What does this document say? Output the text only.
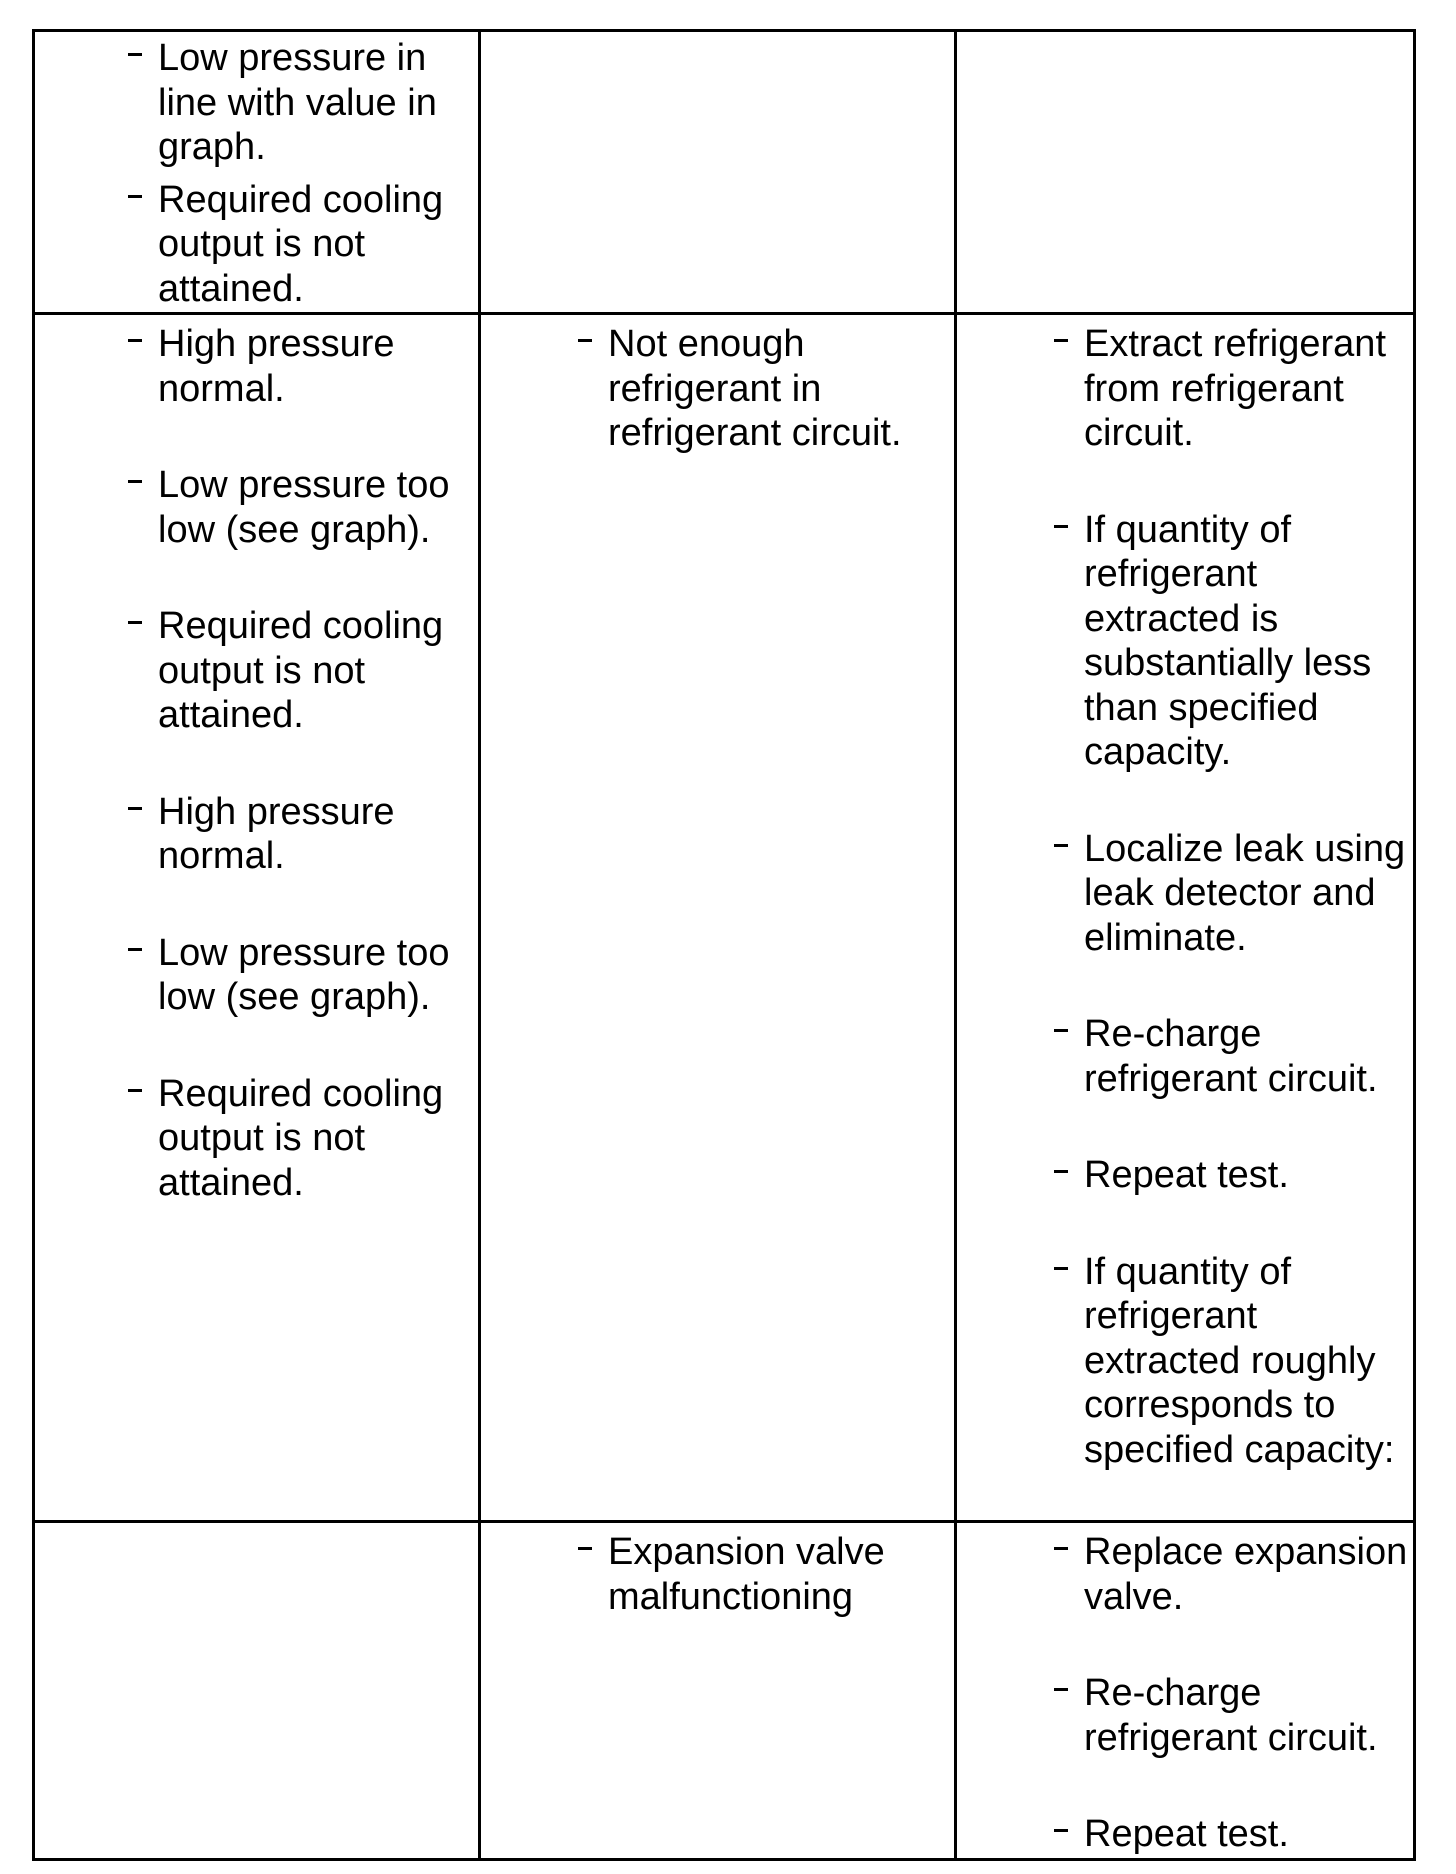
Low pressure in line with value in graph.
Required cooling output is not attained.
High pressure normal.
Low pressure too low (see graph).
Required cooling output is not attained.
High pressure normal.
Low pressure too low (see graph).
Required cooling output is not attained.
Not enough refrigerant in refrigerant circuit.
Extract refrigerant from refrigerant circuit.
If quantity of refrigerant extracted is substantially less than specified capacity.
Localize leak using leak detector and eliminate.
Re-charge refrigerant circuit.
Repeat test.
If quantity of refrigerant extracted roughly corresponds to specified capacity:
Expansion valve malfunctioning
Replace expansion valve.
Re-charge refrigerant circuit.
Repeat test.
